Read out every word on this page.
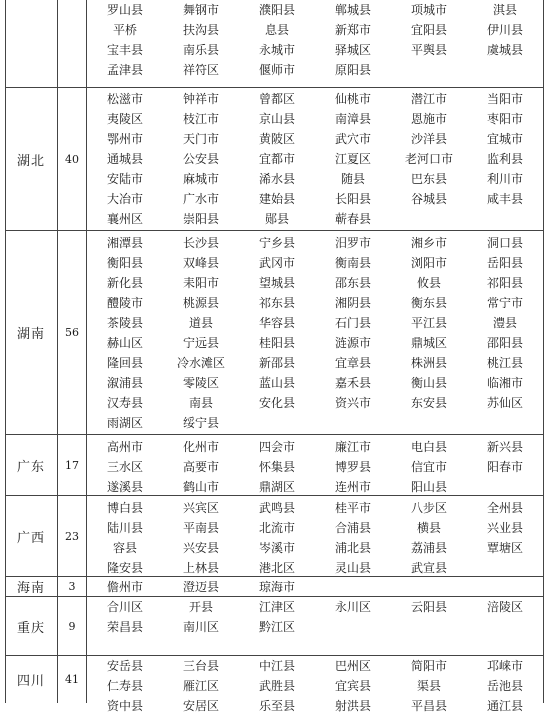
罗山县	舞钢市	濮阳县	郸城县	项城市	淇县
平桥	扶沟县	息县	新郑市	宜阳县	伊川县
宝丰县	南乐县	永城市	驿城区	平舆县	虞城县
孟津县	祥符区	偃师市	原阳县
湖北	40
松滋市	钟祥市	曾都区	仙桃市	潜江市	当阳市
夷陵区	枝江市	京山县	南漳县	恩施市	枣阳市
鄂州市	天门市	黄陂区	武穴市	沙洋县	宜城市
通城县	公安县	宜都市	江夏区	老河口市	监利县
安陆市	麻城市	浠水县	随县	巴东县	利川市
大冶市	广水市	建始县	长阳县	谷城县	咸丰县
襄州区	崇阳县	郧县	蕲春县
湖南	56
湘潭县	长沙县	宁乡县	汨罗市	湘乡市	洞口县
衡阳县	双峰县	武冈市	衡南县	浏阳市	岳阳县
新化县	耒阳市	望城县	邵东县	攸县	祁阳县
醴陵市	桃源县	祁东县	湘阴县	衡东县	常宁市
茶陵县	道县	华容县	石门县	平江县	澧县
赫山区	宁远县	桂阳县	涟源市	鼎城区	邵阳县
隆回县	冷水滩区	新邵县	宜章县	株洲县	桃江县
溆浦县	零陵区	蓝山县	嘉禾县	衡山县	临湘市
汉寿县	南县	安化县	资兴市	东安县	苏仙区
雨湖区	绥宁县
广东	17
高州市	化州市	四会市	廉江市	电白县	新兴县
三水区	高要市	怀集县	博罗县	信宜市	阳春市
遂溪县	鹤山市	鼎湖区	连州市	阳山县
广西	23
博白县	兴宾区	武鸣县	桂平市	八步区	全州县
陆川县	平南县	北流市	合浦县	横县	兴业县
容县	兴安县	岑溪市	浦北县	荔浦县	覃塘区
隆安县	上林县	港北区	灵山县	武宣县
海南	3	儋州市	澄迈县	琼海市
重庆	9
合川区	开县	江津区	永川区	云阳县	涪陵区
荣昌县	南川区	黔江区
四川	41
安岳县	三台县	中江县	巴州区	简阳市	邛崃市
仁寿县	雁江区	武胜县	宜宾县	渠县	岳池县
资中县	安居区	乐至县	射洪县	平昌县	通江县
